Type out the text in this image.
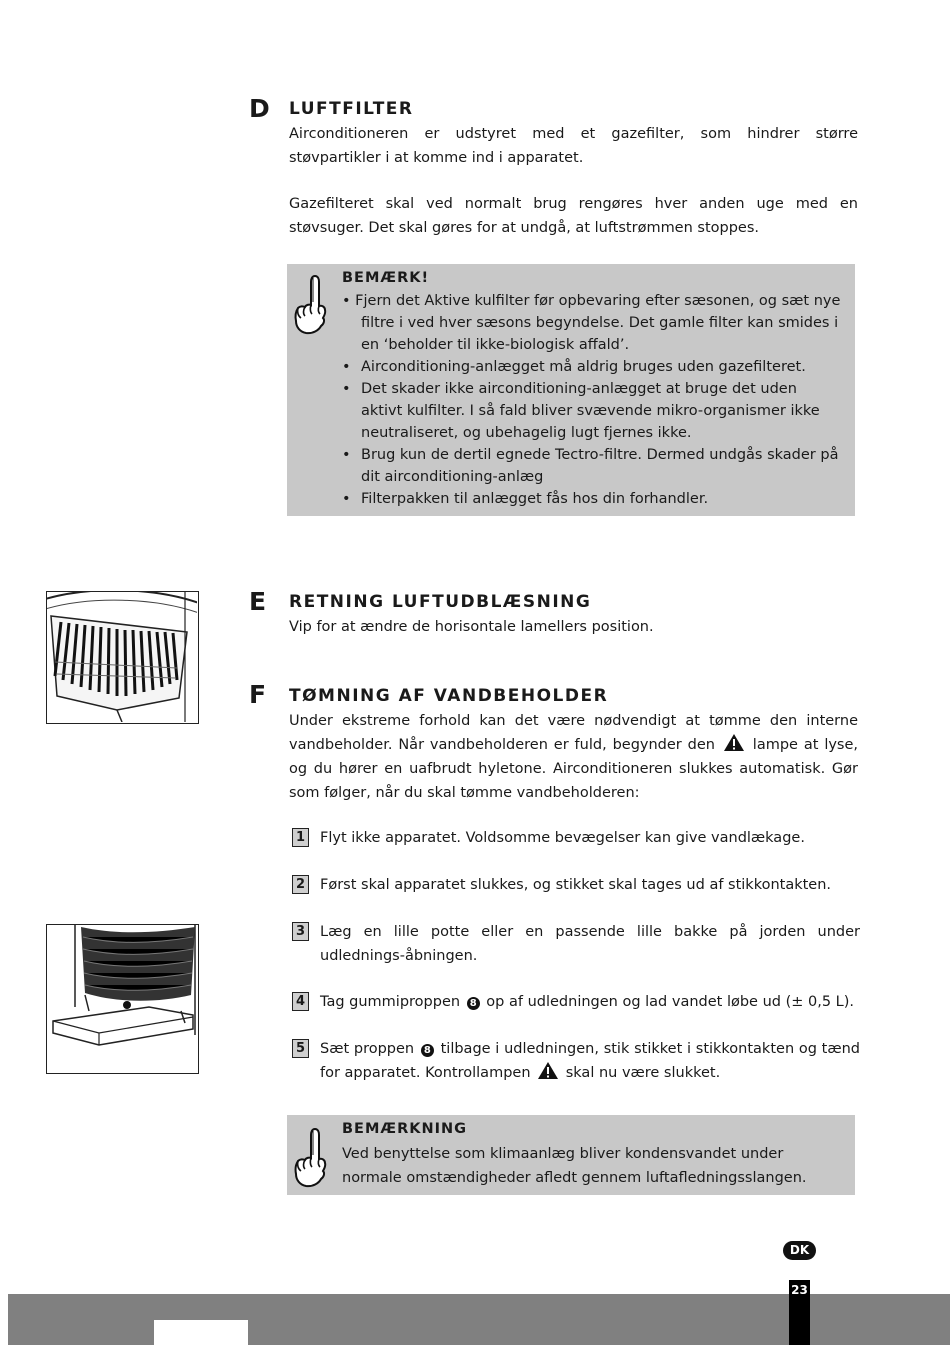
D LUFTFILTER

Airconditioneren er udstyret med et gazefilter, som hindrer større støvpartikler i at komme ind i apparatet.

Gazefilteret skal ved normalt brug rengøres hver anden uge med en støvsuger. Det skal gøres for at undgå, at luftstrømmen stoppes.

BEMÆRK!
• Fjern det Aktive kulfilter før opbevaring efter sæsonen, og sæt nye filtre i ved hver sæsons begyndelse. Det gamle filter kan smides i en ‘beholder til ikke-biologisk affald’.
• Airconditioning-anlægget må aldrig bruges uden gazefilteret.
• Det skader ikke airconditioning-anlægget at bruge det uden aktivt kulfilter. I så fald bliver svævende mikro-organismer ikke neutraliseret, og ubehagelig lugt fjernes ikke.
• Brug kun de dertil egnede Tectro-filtre. Dermed undgås skader på dit airconditioning-anlæg
• Filterpakken til anlægget fås hos din forhandler.
E RETNING LUFTUDBLÆSNING

Vip for at ændre de horisontale lamellers position.

F TØMNING AF VANDBEHOLDER

Under ekstreme forhold kan det være nødvendigt at tømme den interne vandbeholder. Når vandbeholderen er fuld, begynder den	lampe at lyse, og du hører en uafbrudt hyletone. Airconditioneren slukkes automatisk. Gør som følger, når du skal tømme vandbeholderen:

1 Flyt ikke apparatet. Voldsomme bevægelser kan give vandlækage.
2 Først skal apparatet slukkes, og stikket skal tages ud af stikkontakten.
3 Læg en lille potte eller en passende lille bakke på jorden under udlednings-åbningen.
4 Tag gummiproppen 8 op af udledningen og lad vandet løbe ud (± 0,5 L).
5 Sæt proppen 8 tilbage i udledningen, stik stikket i stikkontakten og tænd for apparatet. Kontrollampen skal nu være slukket.
BEMÆRKNING
Ved benyttelse som klimaanlæg bliver kondensvandet under normale omstændigheder afledt gennem luftafledningsslangen.
DK
23
